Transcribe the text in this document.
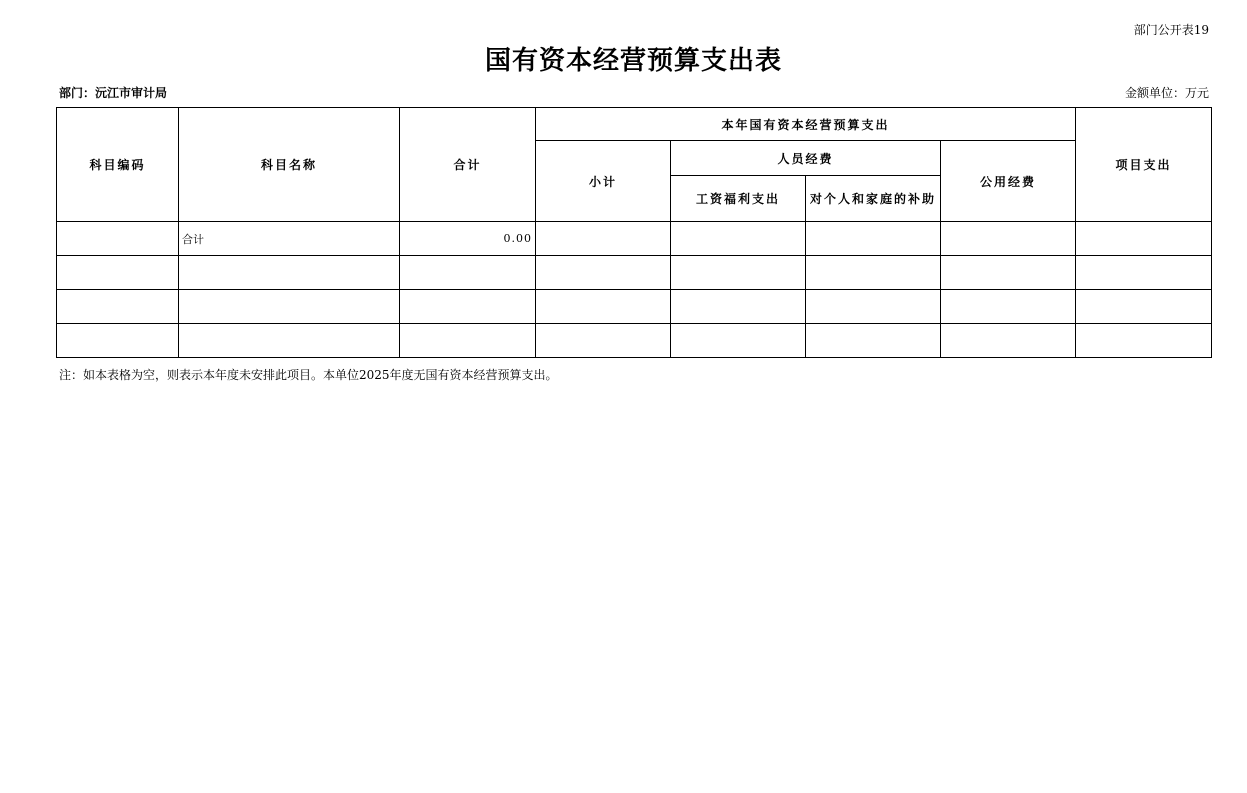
部门公开表19
国有资本经营预算支出表
部门：沅江市审计局	金额单位：万元
科目编码	科目名称	合计	本年国有资本经营预算支出				项目支出
			小计	人员经费		公用经费	
				工资福利支出	对个人和家庭的补助		
	合计	0.00					

注：如本表格为空，则表示本年度未安排此项目。本单位2025年度无国有资本经营预算支出。
